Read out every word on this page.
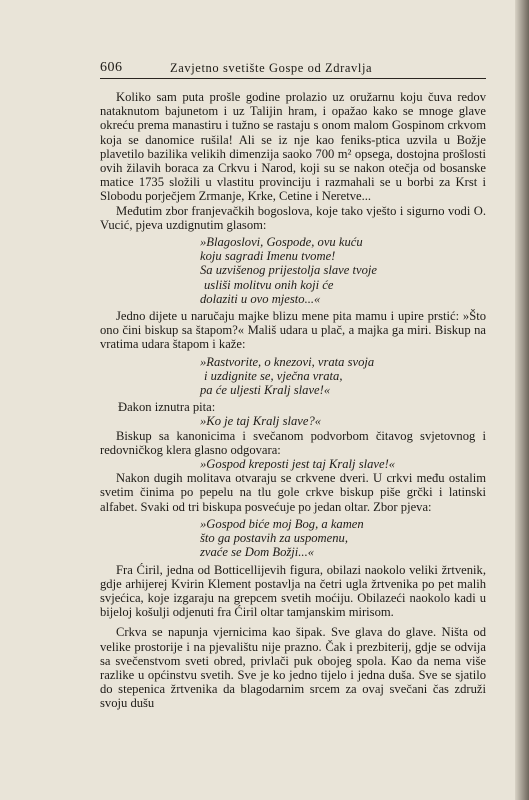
606	Zavjetno svetište Gospe od Zdravlja

Koliko sam puta prošle godine prolazio uz oružarnu koju čuva redov nataknutom bajunetom i uz Talijin hram, i opažao kako se mnoge glave okreću prema manastiru i tužno se rastaju s onom malom Gospinom crkvom koja se danomice rušila! Ali se iz nje kao feniks-ptica uzvila u Božje plavetilo bazilika velikih dimenzija saoko 700 m² opsega, dostojna prošlosti ovih žilavih boraca za Crkvu i Narod, koji su se nakon otečja od bosanske matice 1735 složili u vlastitu provinciju i razmahali se u borbi za Krst i Slobodu porječjem Zrmanje, Krke, Cetine i Neretve...

Međutim zbor franjevačkih bogoslova, koje tako vješto i sigurno vodi O. Vucić, pjeva uzdignutim glasom:

»Blagoslovi, Gospode, ovu kuću
koju sagradi Imenu tvome!
Sa uzvišenog prijestolja slave tvoje
usliši molitvu onih koji će
dolaziti u ovo mjesto...«

Jedno dijete u naručaju majke blizu mene pita mamu i upire prstić: »Što ono čini biskup sa štapom?« Mališ udara u plač, a majka ga miri. Biskup na vratima udara štapom i kaže:

»Rastvorite, o knezovi, vrata svoja
i uzdignite se, vječna vrata,
pa će uljesti Kralj slave!«
Đakon iznutra pita:
»Ko je taj Kralj slave?«

Biskup sa kanonicima i svečanom podvorbom čitavog svjetovnog i redovničkog klera glasno odgovara:

»Gospod kreposti jest taj Kralj slave!«

Nakon dugih molitava otvaraju se crkvene dveri. U crkvi među ostalim svetim činima po pepelu na tlu gole crkve biskup piše grčki i latinski alfabet. Svaki od tri biskupa posvećuje po jedan oltar. Zbor pjeva:

»Gospod biće moj Bog, a kamen
što ga postavih za uspomenu,
zvaće se Dom Božji...«

Fra Ćiril, jedna od Botticellijevih figura, obilazi naokolo veliki žrtvenik, gdje arhijerej Kvirin Klement postavlja na četri ugla žrtvenika po pet malih svjećica, koje izgaraju na grepcem svetih moćiju. Obilazeći naokolo kadi u bijeloj košulji odjenuti fra Ćiril oltar tamjanskim mirisom.

Crkva se napunja vjernicima kao šipak. Sve glava do glave. Ništa od velike prostorije i na pjevalištu nije prazno. Čak i prezbiterij, gdje se odvija sa svečenstvom sveti obred, privlači puk obojeg spola. Kao da nema više razlike u općinstvu svetih. Sve je ko jedno tijelo i jedna duša. Sve se sjatilo do stepenica žrtvenika da blagodarnim srcem za ovaj svečani čas združi svoju dušu
